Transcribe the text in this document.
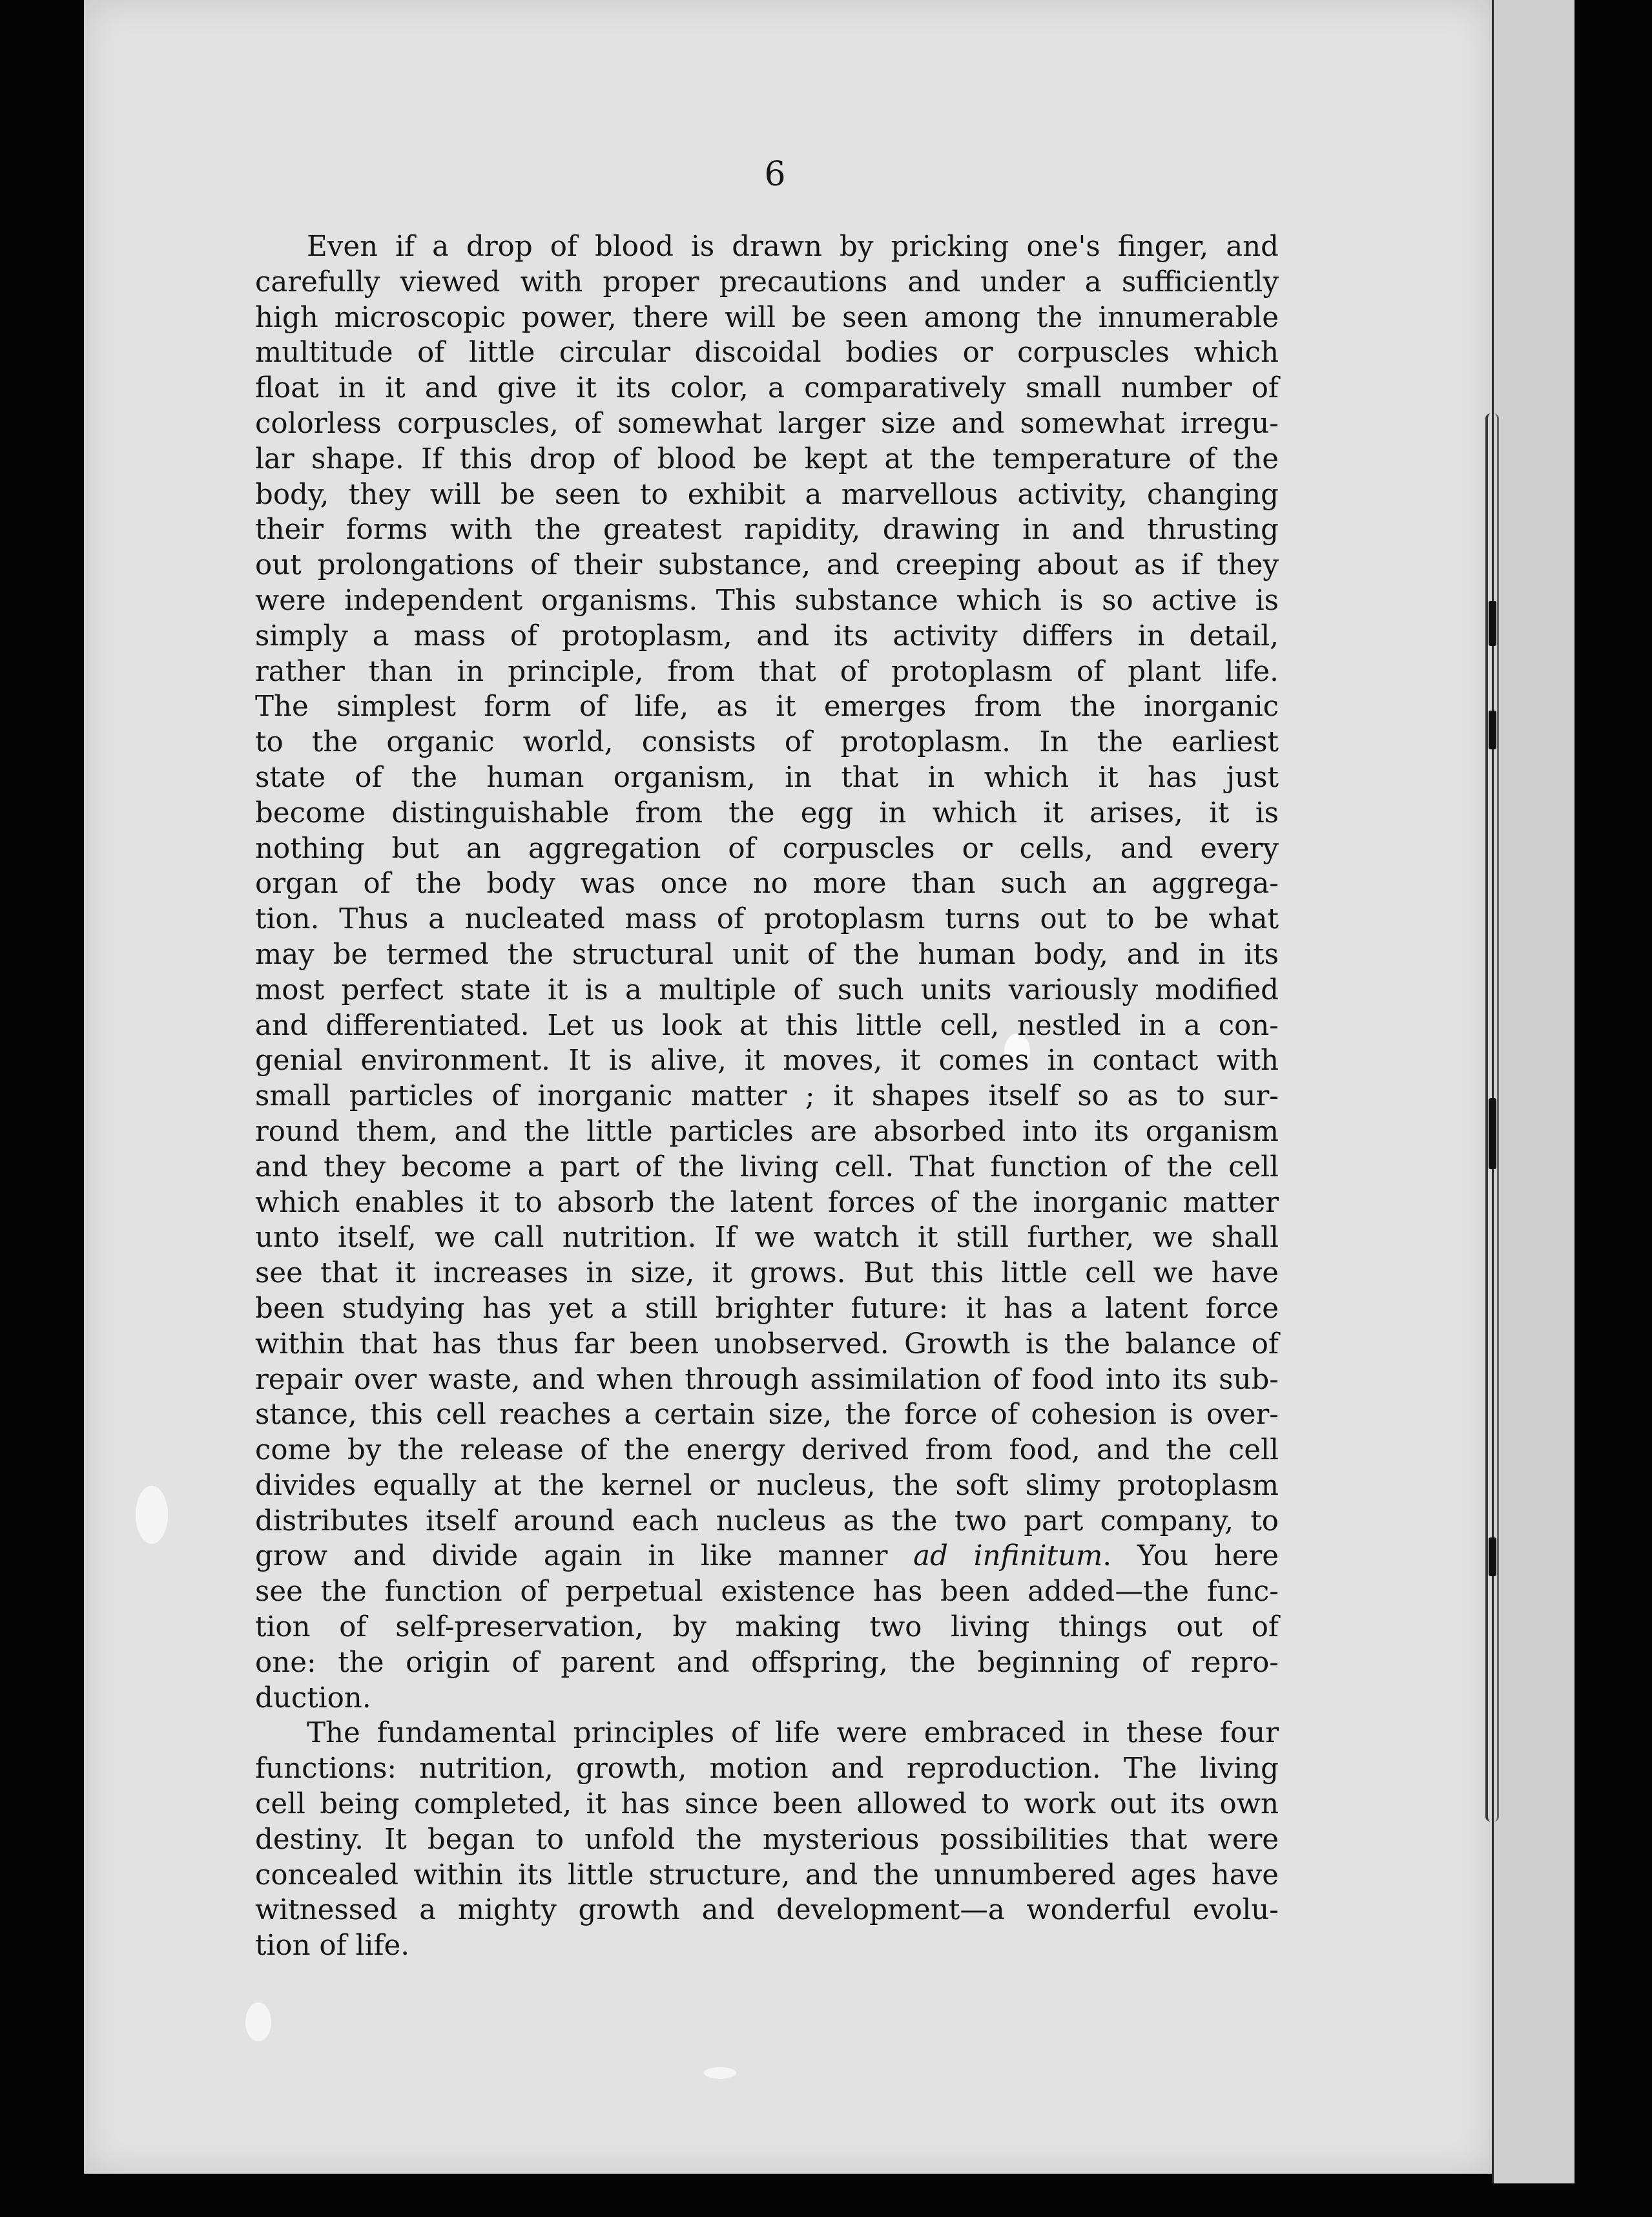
6
Even if a drop of blood is drawn by pricking one's finger, and
carefully viewed with proper precautions and under a sufficiently
high microscopic power, there will be seen among the innumerable
multitude of little circular discoidal bodies or corpuscles which
float in it and give it its color, a comparatively small number of
colorless corpuscles, of somewhat larger size and somewhat irregu-
lar shape. If this drop of blood be kept at the temperature of the
body, they will be seen to exhibit a marvellous activity, changing
their forms with the greatest rapidity, drawing in and thrusting
out prolongations of their substance, and creeping about as if they
were independent organisms. This substance which is so active is
simply a mass of protoplasm, and its activity differs in detail,
rather than in principle, from that of protoplasm of plant life.
The simplest form of life, as it emerges from the inorganic
to the organic world, consists of protoplasm. In the earliest
state of the human organism, in that in which it has just
become distinguishable from the egg in which it arises, it is
nothing but an aggregation of corpuscles or cells, and every
organ of the body was once no more than such an aggrega-
tion. Thus a nucleated mass of protoplasm turns out to be what
may be termed the structural unit of the human body, and in its
most perfect state it is a multiple of such units variously modified
and differentiated. Let us look at this little cell, nestled in a con-
genial environment. It is alive, it moves, it comes in contact with
small particles of inorganic matter ; it shapes itself so as to sur-
round them, and the little particles are absorbed into its organism
and they become a part of the living cell. That function of the cell
which enables it to absorb the latent forces of the inorganic matter
unto itself, we call nutrition. If we watch it still further, we shall
see that it increases in size, it grows. But this little cell we have
been studying has yet a still brighter future: it has a latent force
within that has thus far been unobserved. Growth is the balance of
repair over waste, and when through assimilation of food into its sub-
stance, this cell reaches a certain size, the force of cohesion is over-
come by the release of the energy derived from food, and the cell
divides equally at the kernel or nucleus, the soft slimy protoplasm
distributes itself around each nucleus as the two part company, to
grow and divide again in like manner ad infinitum. You here
see the function of perpetual existence has been added—the func-
tion of self-preservation, by making two living things out of
one: the origin of parent and offspring, the beginning of repro-
duction.
The fundamental principles of life were embraced in these four
functions: nutrition, growth, motion and reproduction. The living
cell being completed, it has since been allowed to work out its own
destiny. It began to unfold the mysterious possibilities that were
concealed within its little structure, and the unnumbered ages have
witnessed a mighty growth and development—a wonderful evolu-
tion of life.
